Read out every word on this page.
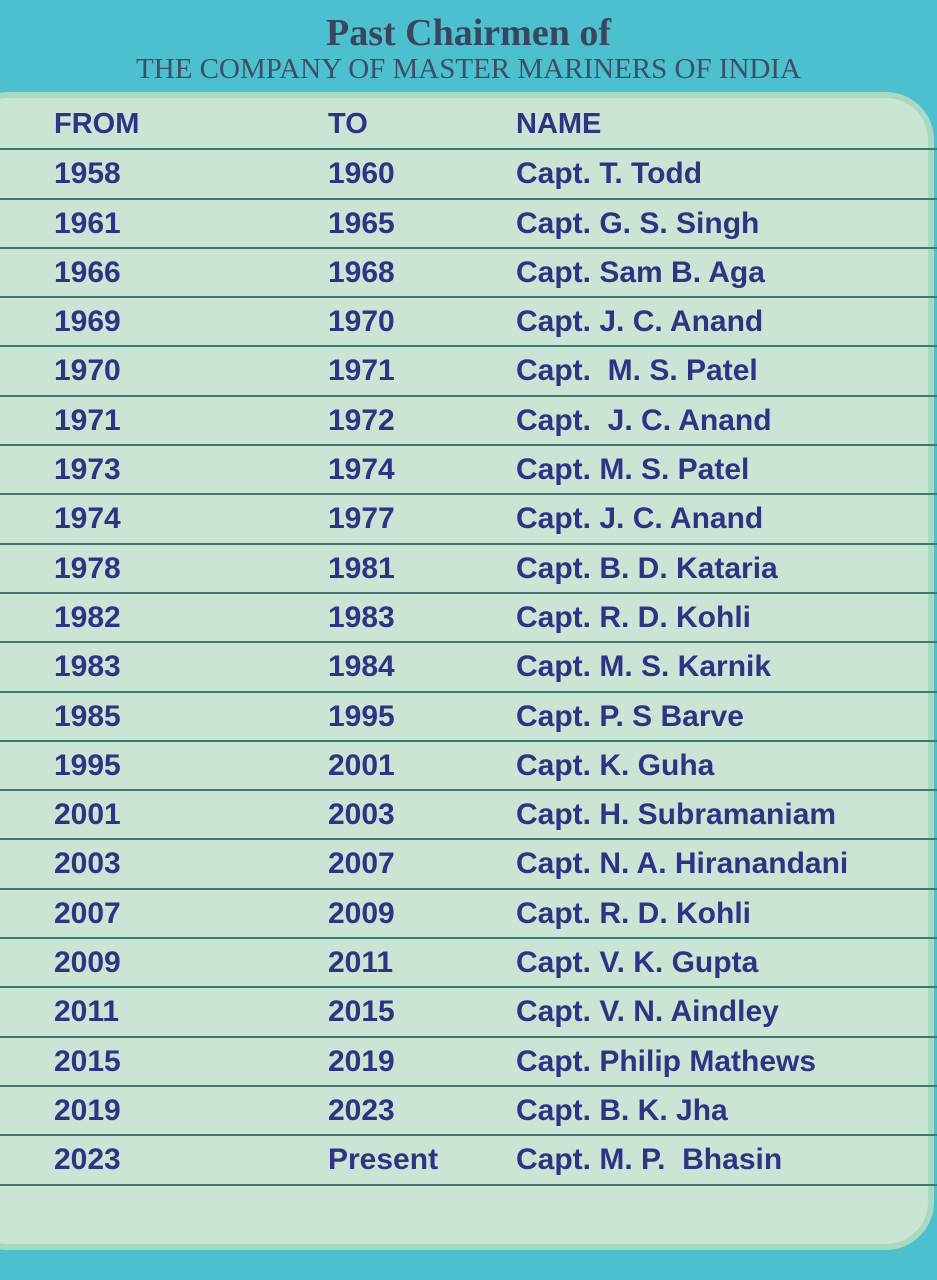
Past Chairmen of
THE COMPANY OF MASTER MARINERS OF INDIA
FROM	TO	NAME
1958	1960	Capt. T. Todd
1961	1965	Capt. G. S. Singh
1966	1968	Capt. Sam B. Aga
1969	1970	Capt. J. C. Anand
1970	1971	Capt.  M. S. Patel
1971	1972	Capt.  J. C. Anand
1973	1974	Capt. M. S. Patel
1974	1977	Capt. J. C. Anand
1978	1981	Capt. B. D. Kataria
1982	1983	Capt. R. D. Kohli
1983	1984	Capt. M. S. Karnik
1985	1995	Capt. P. S Barve
1995	2001	Capt. K. Guha
2001	2003	Capt. H. Subramaniam
2003	2007	Capt. N. A. Hiranandani
2007	2009	Capt. R. D. Kohli
2009	2011	Capt. V. K. Gupta
2011	2015	Capt. V. N. Aindley
2015	2019	Capt. Philip Mathews
2019	2023	Capt. B. K. Jha
2023	Present	Capt. M. P.  Bhasin
